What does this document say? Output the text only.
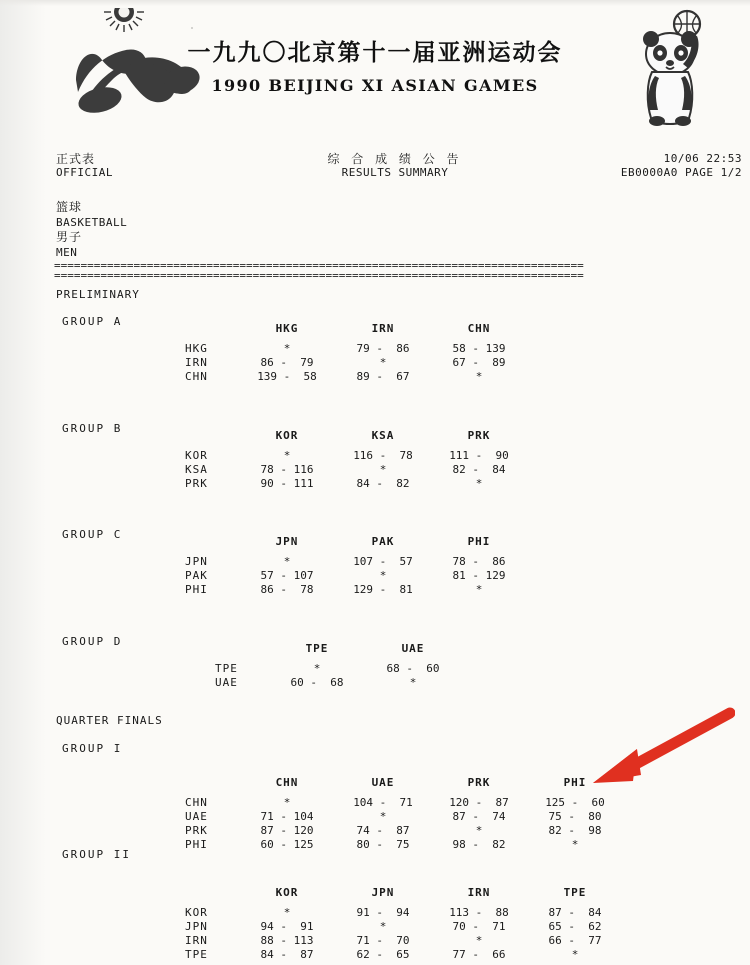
一九九〇北京第十一届亚洲运动会
1990 BEIJING XI ASIAN GAMES
正式表
OFFICIAL
综 合 成 绩 公 告
RESULTS SUMMARY
10/06 22:53
EB0000A0 PAGE 1/2
篮球
BASKETBALL
男子
MEN
================================================================================
================================================================================
PRELIMINARY
GROUP A
	HKG	IRN	CHN
HKG	*	79 -  86	58 - 139
IRN	86 -  79	*	67 -  89
CHN	139 -  58	89 -  67	*
GROUP B
	KOR	KSA	PRK
KOR	*	116 -  78	111 -  90
KSA	78 - 116	*	82 -  84
PRK	90 - 111	84 -  82	*
GROUP C
	JPN	PAK	PHI
JPN	*	107 -  57	78 -  86
PAK	57 - 107	*	81 - 129
PHI	86 -  78	129 -  81	*
GROUP D
	TPE	UAE
TPE	*	68 -  60
UAE	60 -  68	*
QUARTER FINALS
GROUP I
	CHN	UAE	PRK	PHI
CHN	*	104 -  71	120 -  87	125 -  60
UAE	71 - 104	*	87 -  74	75 -  80
PRK	87 - 120	74 -  87	*	82 -  98
PHI	60 - 125	80 -  75	98 -  82	*
GROUP II
	KOR	JPN	IRN	TPE
KOR	*	91 -  94	113 -  88	87 -  84
JPN	94 -  91	*	70 -  71	65 -  62
IRN	88 - 113	71 -  70	*	66 -  77
TPE	84 -  87	62 -  65	77 -  66	*
